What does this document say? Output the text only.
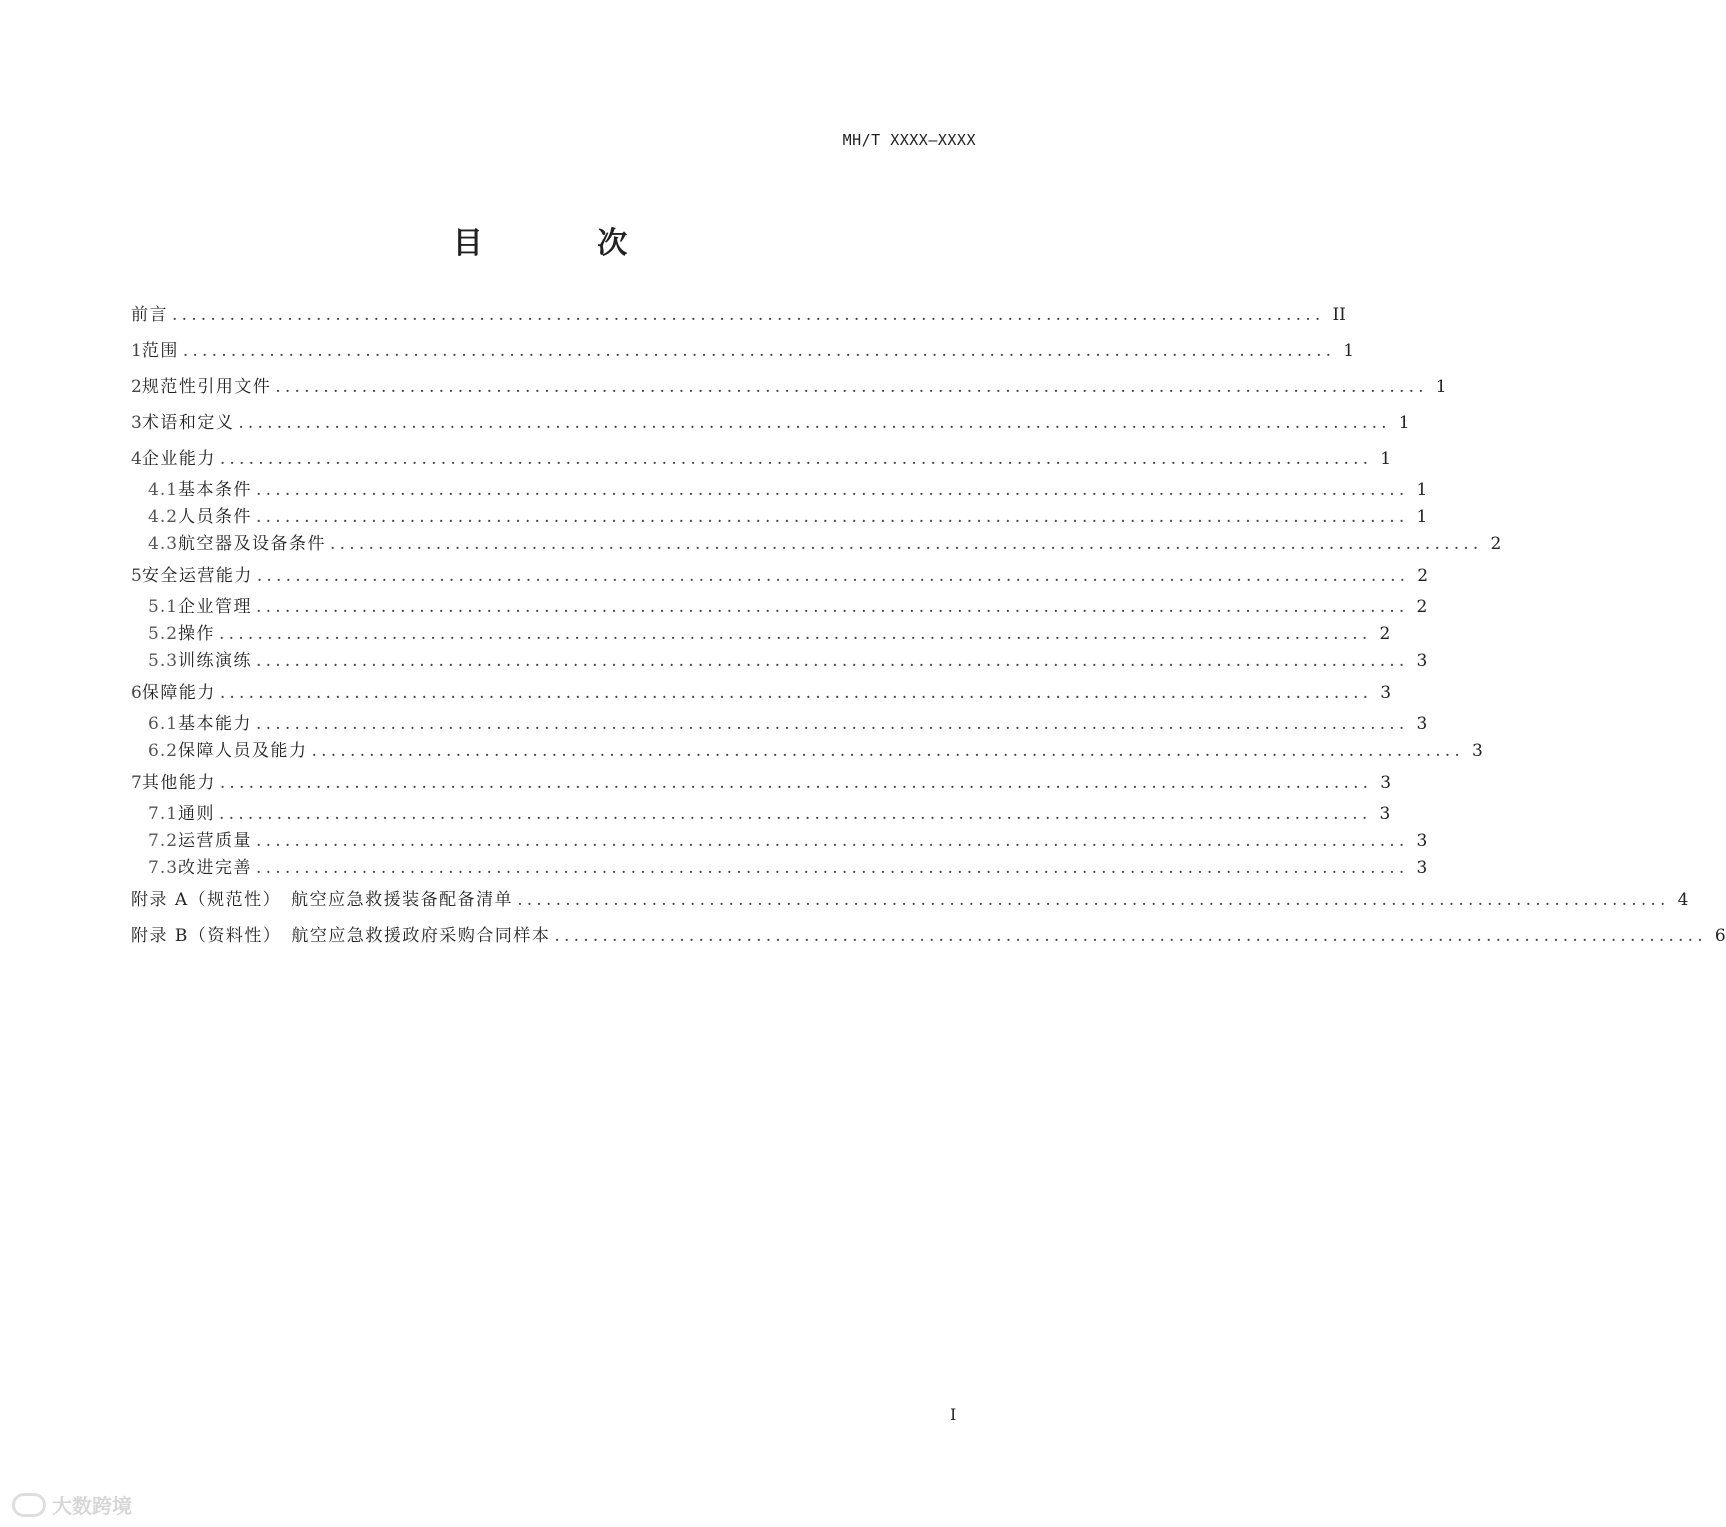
MH/T XXXX—XXXX
目 次
前言 ........................................................................................................................ II
1 范围 ........................................................................................................................ 1
2 规范性引用文件 ........................................................................................................................ 1
3 术语和定义 ........................................................................................................................ 1
4 企业能力 ........................................................................................................................ 1
4.1 基本条件 ........................................................................................................................ 1
4.2 人员条件 ........................................................................................................................ 1
4.3 航空器及设备条件 ........................................................................................................................ 2
5 安全运营能力 ........................................................................................................................ 2
5.1 企业管理 ........................................................................................................................ 2
5.2 操作 ........................................................................................................................ 2
5.3 训练演练 ........................................................................................................................ 3
6 保障能力 ........................................................................................................................ 3
6.1 基本能力 ........................................................................................................................ 3
6.2 保障人员及能力 ........................................................................................................................ 3
7 其他能力 ........................................................................................................................ 3
7.1 通则 ........................................................................................................................ 3
7.2 运营质量 ........................................................................................................................ 3
7.3 改进完善 ........................................................................................................................ 3
附录 A（规范性）　航空应急救援装备配备清单 ........................................................................................................................ 4
附录 B（资料性）　航空应急救援政府采购合同样本 ........................................................................................................................ 6
I
大数跨境
